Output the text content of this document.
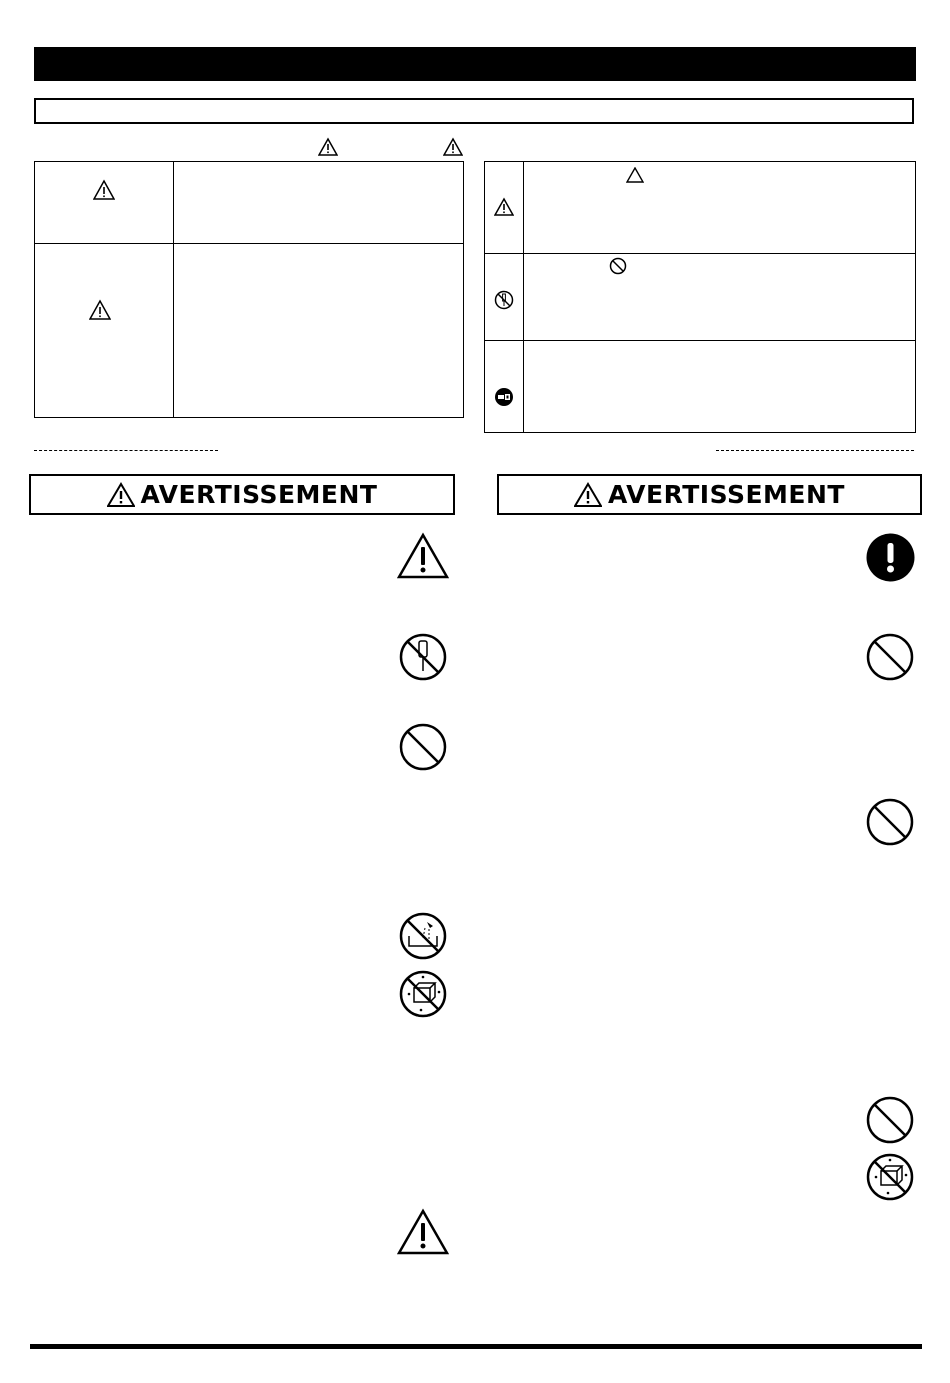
AVERTISSEMENT	AVERTISSEMENT
